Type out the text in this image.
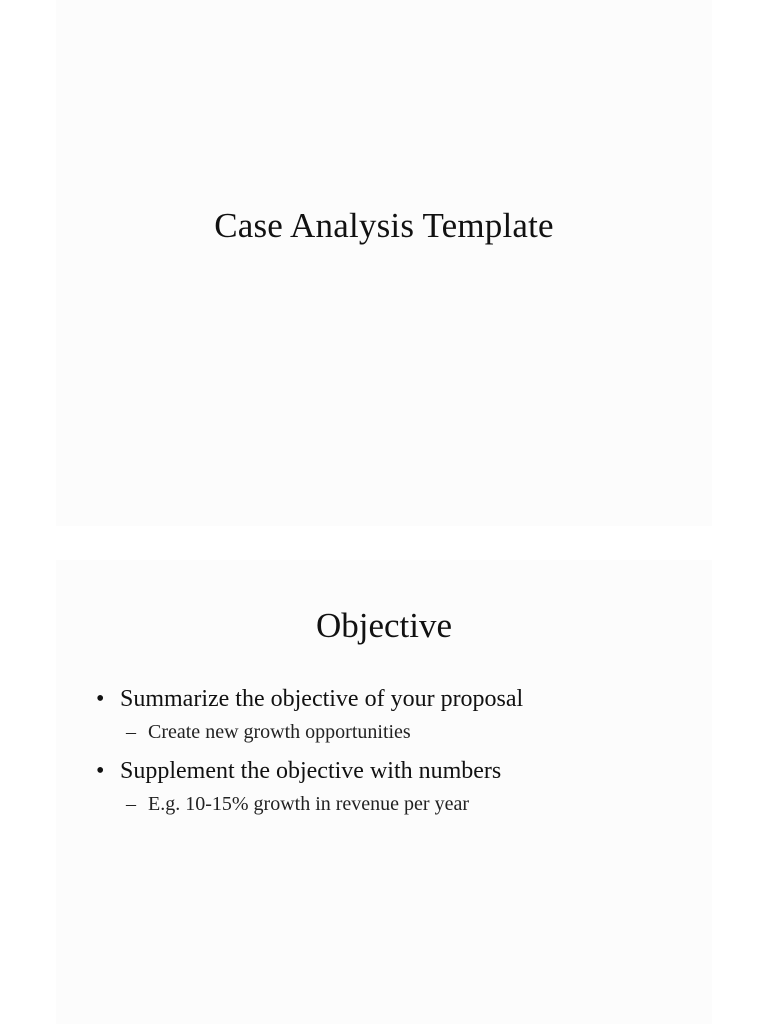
Case Analysis Template
Objective
• Summarize the objective of your proposal
– Create new growth opportunities
• Supplement the objective with numbers
– E.g. 10-15% growth in revenue per year
